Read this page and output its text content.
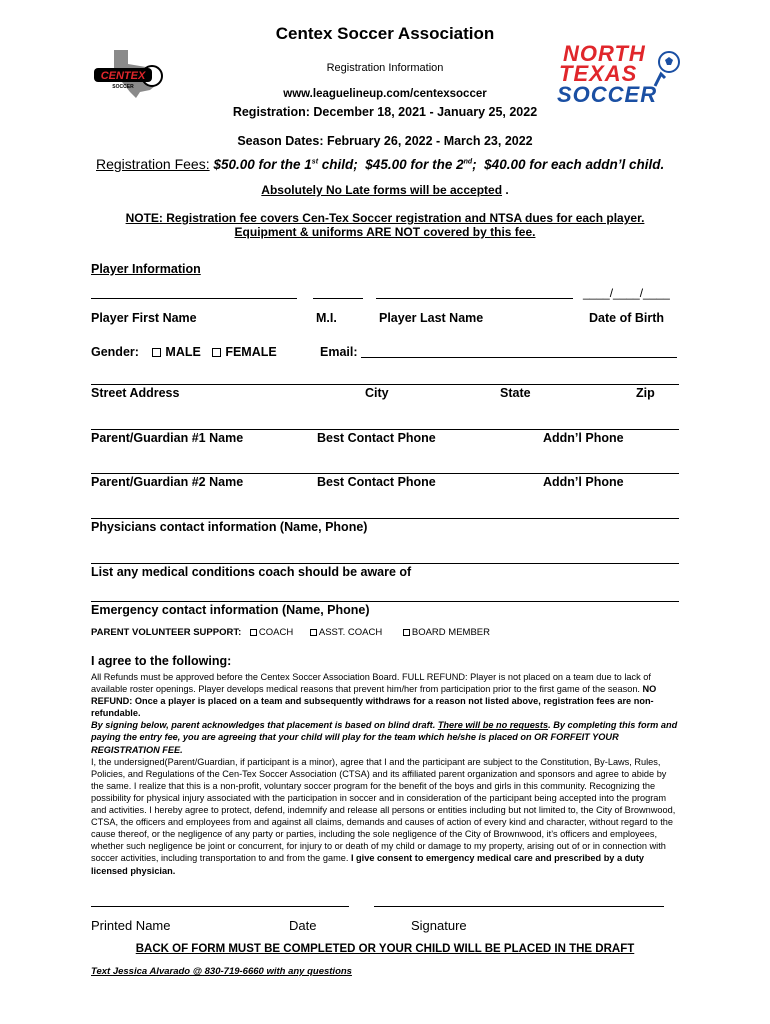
Centex Soccer Association
Registration Information
www.leaguelineup.com/centexsoccer
Registration: December 18, 2021 - January 25, 2022
Season Dates: February 26, 2022 - March 23, 2022
CENTEX
SOCCER
NORTH
TEXAS
SOCCER
Registration Fees: $50.00 for the 1st child; $45.00 for the 2nd; $40.00 for each addn’l child.
Absolutely No Late forms will be accepted .
NOTE: Registration fee covers Cen-Tex Soccer registration and NTSA dues for each player.
Equipment & uniforms ARE NOT covered by this fee.
Player Information
____/____/____
Player First Name	M.I.	Player Last Name	Date of Birth
Gender: MALE FEMALE	Email:
Street Address	City	State	Zip
Parent/Guardian #1 Name	Best Contact Phone	Addn’l Phone
Parent/Guardian #2 Name	Best Contact Phone	Addn’l Phone
Physicians contact information (Name, Phone)
List any medical conditions coach should be aware of
Emergency contact information (Name, Phone)
PARENT VOLUNTEER SUPPORT: COACH	ASST. COACH	BOARD MEMBER
I agree to the following:

All Refunds must be approved before the Centex Soccer Association Board. FULL REFUND: Player is not placed on a team due to lack of available roster openings. Player develops medical reasons that prevent him/her from participation prior to the first game of the season. NO REFUND: Once a player is placed on a team and subsequently withdraws for a reason not listed above, registration fees are non-refundable.

By signing below, parent acknowledges that placement is based on blind draft. There will be no requests. By completing this form and paying the entry fee, you are agreeing that your child will play for the team which he/she is placed on OR FORFEIT YOUR REGISTRATION FEE.

I, the undersigned(Parent/Guardian, if participant is a minor), agree that I and the participant are subject to the Constitution, By-Laws, Rules, Policies, and Regulations of the Cen-Tex Soccer Association (CTSA) and its affiliated parent organization and sponsors and agree to abide by the same. I realize that this is a non-profit, voluntary soccer program for the benefit of the boys and girls in this community. Recognizing the possibility for physical injury associated with the participation in soccer and in consideration of the participant being accepted into the program and activities. I hereby agree to protect, defend, indemnify and release all persons or entities including but not limited to, the City of Brownwood, CTSA, the officers and employees from and against all claims, demands and causes of action of every kind and character, without regard to the cause thereof, or the negligence of any party or parties, including the sole negligence of the City of Brownwood, it’s officers and employees, whether such negligence be joint or concurrent, for injury to or death of my child or damage to my property, arising out of or in connection with soccer activities, including transportation to and from the game. I give consent to emergency medical care and prescribed by a duty licensed physician.

Printed Name	Date	Signature
BACK OF FORM MUST BE COMPLETED OR YOUR CHILD WILL BE PLACED IN THE DRAFT
Text Jessica Alvarado @ 830-719-6660 with any questions
